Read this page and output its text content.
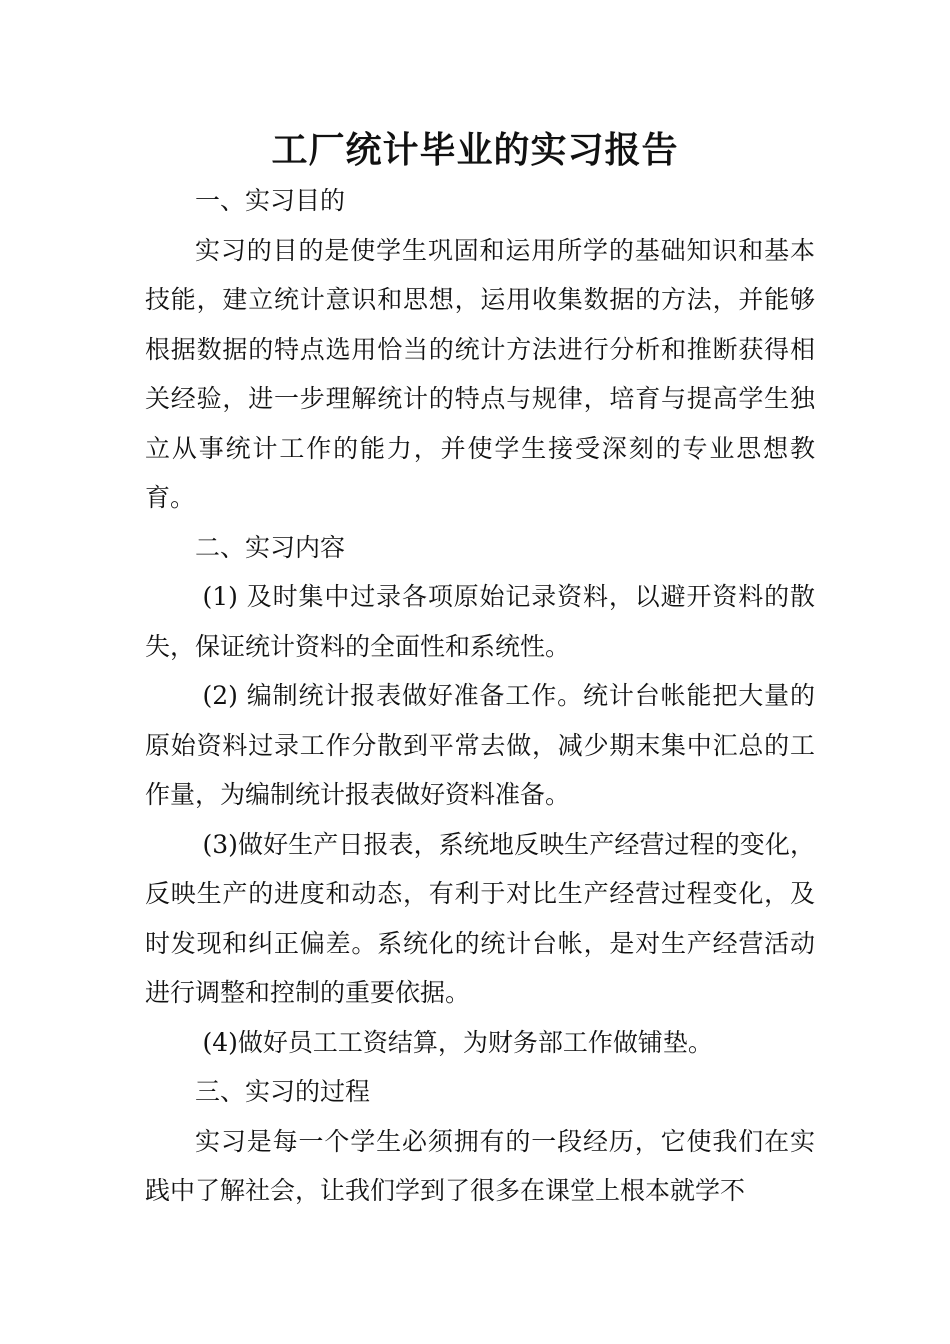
工厂统计毕业的实习报告

一、实习目的

实习的目的是使学生巩固和运用所学的基础知识和基本技能，建立统计意识和思想，运用收集数据的方法，并能够根据数据的特点选用恰当的统计方法进行分析和推断获得相关经验，进一步理解统计的特点与规律，培育与提高学生独立从事统计工作的能力，并使学生接受深刻的专业思想教育。

二、实习内容

(1) 及时集中过录各项原始记录资料，以避开资料的散失，保证统计资料的全面性和系统性。

(2) 编制统计报表做好准备工作。统计台帐能把大量的原始资料过录工作分散到平常去做，减少期末集中汇总的工作量，为编制统计报表做好资料准备。

(3)做好生产日报表，系统地反映生产经营过程的变化，反映生产的进度和动态，有利于对比生产经营过程变化，及时发现和纠正偏差。系统化的统计台帐，是对生产经营活动进行调整和控制的重要依据。

(4)做好员工工资结算，为财务部工作做铺垫。

三、实习的过程

实习是每一个学生必须拥有的一段经历，它使我们在实践中了解社会，让我们学到了很多在课堂上根本就学不
